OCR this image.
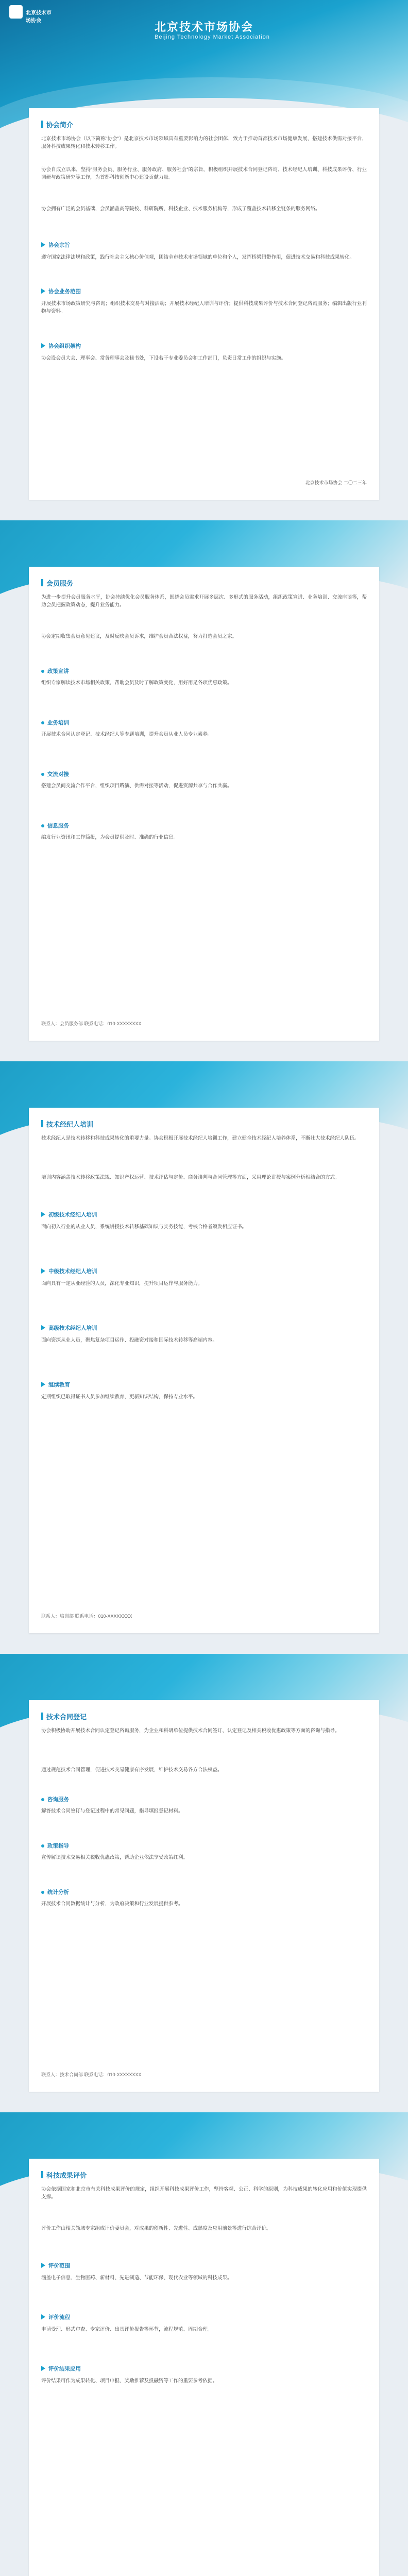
北京技术市场协会	北京技术市场协会
Beijing Technology Market Association
协会简介
北京技术市场协会（以下简称“协会”）是北京技术市场领域具有重要影响力的社会团体，致力于推动首都技术市场健康发展，搭建技术供需对接平台，服务科技成果转化和技术转移工作。
协会自成立以来，坚持“服务会员、服务行业、服务政府、服务社会”的宗旨，积极组织开展技术合同登记咨询、技术经纪人培训、科技成果评价、行业调研与政策研究等工作，为首都科技创新中心建设贡献力量。
协会拥有广泛的会员基础，会员涵盖高等院校、科研院所、科技企业、技术服务机构等，形成了覆盖技术转移全链条的服务网络。
协会宗旨
遵守国家法律法规和政策，践行社会主义核心价值观，团结全市技术市场领域的单位和个人，发挥桥梁纽带作用，促进技术交易和科技成果转化。
协会业务范围
开展技术市场政策研究与咨询；组织技术交易与对接活动；开展技术经纪人培训与评价；提供科技成果评价与技术合同登记咨询服务；编辑出版行业刊物与资料。
协会组织架构
协会设会员大会、理事会、常务理事会及秘书处，下设若干专业委员会和工作部门，负责日常工作的组织与实施。
北京技术市场协会 二〇二三年
会员服务
为进一步提升会员服务水平，协会持续优化会员服务体系，围绕会员需求开展多层次、多形式的服务活动，组织政策宣讲、业务培训、交流座谈等，帮助会员把握政策动态，提升业务能力。
协会定期收集会员意见建议，及时反映会员诉求，维护会员合法权益，努力打造会员之家。
政策宣讲
组织专家解读技术市场相关政策，帮助会员及时了解政策变化，用好用足各项优惠政策。
业务培训
开展技术合同认定登记、技术经纪人等专题培训，提升会员从业人员专业素养。
交流对接
搭建会员间交流合作平台，组织项目路演、供需对接等活动，促进资源共享与合作共赢。
信息服务
编发行业资讯和工作简报，为会员提供及时、准确的行业信息。
联系人：会员服务部 联系电话：010-XXXXXXXX
技术经纪人培训
技术经纪人是技术转移和科技成果转化的重要力量。协会积极开展技术经纪人培训工作，建立健全技术经纪人培养体系，不断壮大技术经纪人队伍。
培训内容涵盖技术转移政策法规、知识产权运营、技术评估与定价、商务谈判与合同管理等方面，采用理论讲授与案例分析相结合的方式。
初级技术经纪人培训
面向初入行业的从业人员，系统讲授技术转移基础知识与实务技能，考核合格者颁发相应证书。
中级技术经纪人培训
面向具有一定从业经验的人员，深化专业知识，提升项目运作与服务能力。
高级技术经纪人培训
面向资深从业人员，聚焦复杂项目运作、投融资对接和国际技术转移等高端内容。
继续教育
定期组织已取得证书人员参加继续教育，更新知识结构，保持专业水平。
联系人：培训部 联系电话：010-XXXXXXXX
技术合同登记
协会积极协助开展技术合同认定登记咨询服务，为企业和科研单位提供技术合同签订、认定登记及相关税收优惠政策等方面的咨询与指导。
通过规范技术合同管理，促进技术交易健康有序发展，维护技术交易各方合法权益。
咨询服务
解答技术合同签订与登记过程中的常见问题，指导填报登记材料。
政策指导
宣传解读技术交易相关税收优惠政策，帮助企业依法享受政策红利。
统计分析
开展技术合同数据统计与分析，为政府决策和行业发展提供参考。
联系人：技术合同部 联系电话：010-XXXXXXXX
科技成果评价
协会依据国家和北京市有关科技成果评价的规定，组织开展科技成果评价工作，坚持客观、公正、科学的原则，为科技成果的转化应用和价值实现提供支撑。
评价工作由相关领域专家组成评价委员会，对成果的创新性、先进性、成熟度及应用前景等进行综合评价。
评价范围
涵盖电子信息、生物医药、新材料、先进制造、节能环保、现代农业等领域的科技成果。
评价流程
申请受理、形式审查、专家评价、出具评价报告等环节，流程规范、周期合理。
评价结果应用
评价结果可作为成果转化、项目申报、奖励推荐及投融资等工作的重要参考依据。
